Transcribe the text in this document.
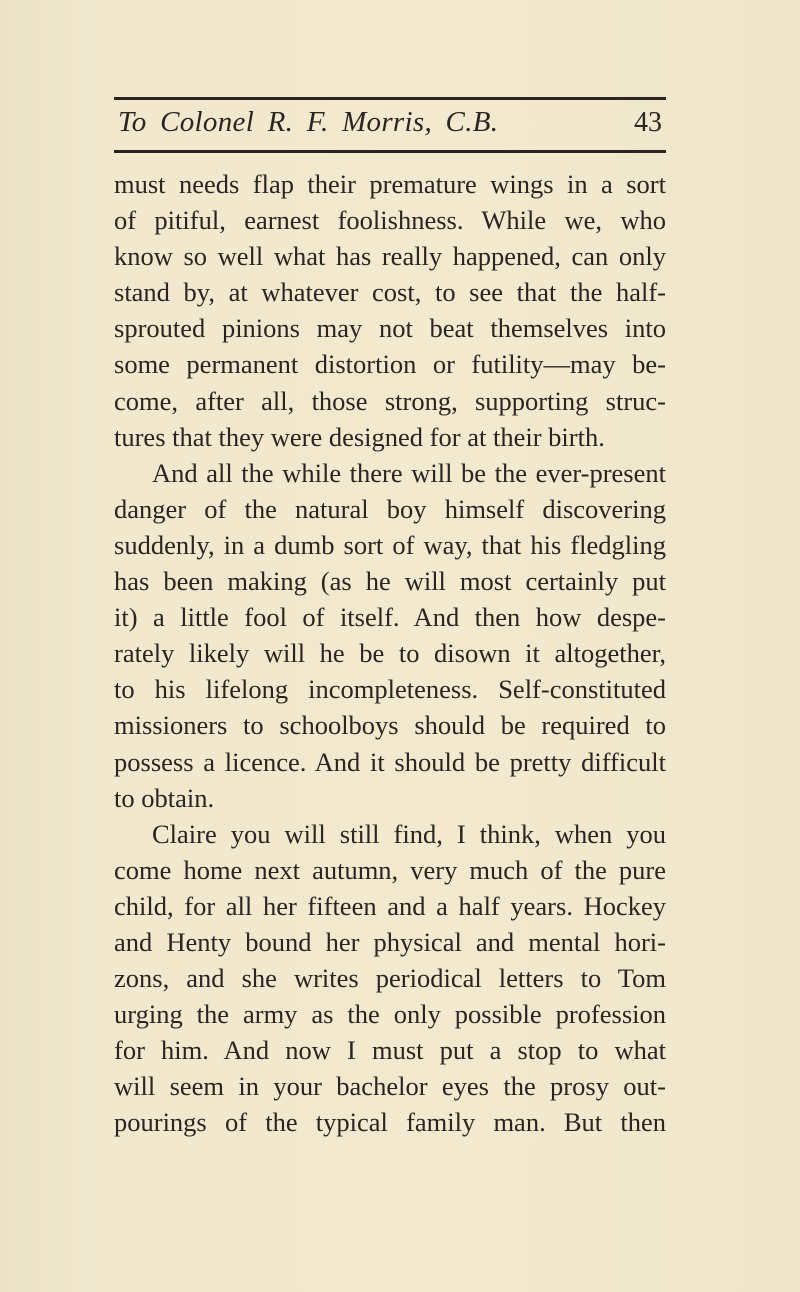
To Colonel R. F. Morris, C.B.	43
must needs flap their premature wings in a sort
of pitiful, earnest foolishness. While we, who
know so well what has really happened, can only
stand by, at whatever cost, to see that the half-
sprouted pinions may not beat themselves into
some permanent distortion or futility—may be-
come, after all, those strong, supporting struc-
tures that they were designed for at their birth.
And all the while there will be the ever-present
danger of the natural boy himself discovering
suddenly, in a dumb sort of way, that his fledgling
has been making (as he will most certainly put
it) a little fool of itself. And then how despe-
rately likely will he be to disown it altogether,
to his lifelong incompleteness. Self-constituted
missioners to schoolboys should be required to
possess a licence. And it should be pretty difficult
to obtain.
Claire you will still find, I think, when you
come home next autumn, very much of the pure
child, for all her fifteen and a half years. Hockey
and Henty bound her physical and mental hori-
zons, and she writes periodical letters to Tom
urging the army as the only possible profession
for him. And now I must put a stop to what
will seem in your bachelor eyes the prosy out-
pourings of the typical family man. But then
